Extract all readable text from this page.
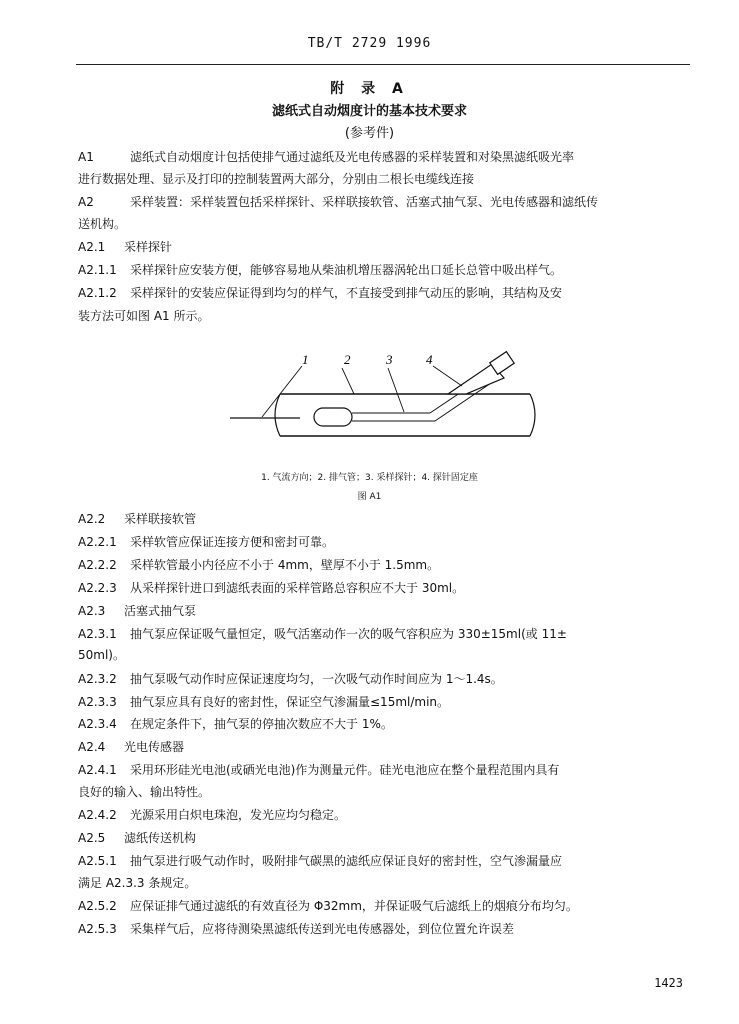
TB/T 2729 1996
附 录 A
滤纸式自动烟度计的基本技术要求
(参考件)
A1	滤纸式自动烟度计包括使排气通过滤纸及光电传感器的采样装置和对染黑滤纸吸光率
进行数据处理、显示及打印的控制装置两大部分，分别由二根长电缆线连接
A2	采样装置：采样装置包括采样探针、采样联接软管、活塞式抽气泵、光电传感器和滤纸传
送机构。
A2.1 采样探针
A2.1.1 采样探针应安装方便，能够容易地从柴油机增压器涡轮出口延长总管中吸出样气。
A2.1.2 采样探针的安装应保证得到均匀的样气，不直接受到排气动压的影响，其结构及安
装方法可如图 A1 所示。
1	2	3	4
1. 气流方向；2. 排气管；3. 采样探针；4. 探针固定座
图 A1
A2.2 采样联接软管
A2.2.1 采样软管应保证连接方便和密封可靠。
A2.2.2 采样软管最小内径应不小于 4mm，壁厚不小于 1.5mm。
A2.2.3 从采样探针进口到滤纸表面的采样管路总容积应不大于 30ml。
A2.3 活塞式抽气泵
A2.3.1 抽气泵应保证吸气量恒定，吸气活塞动作一次的吸气容积应为 330±15ml(或 11±
50ml)。
A2.3.2 抽气泵吸气动作时应保证速度均匀，一次吸气动作时间应为 1～1.4s。
A2.3.3 抽气泵应具有良好的密封性，保证空气渗漏量≤15ml/min。
A2.3.4 在规定条件下，抽气泵的停抽次数应不大于 1%。
A2.4 光电传感器
A2.4.1 采用环形硅光电池(或硒光电池)作为测量元件。硅光电池应在整个量程范围内具有
良好的输入、输出特性。
A2.4.2 光源采用白炽电珠泡，发光应均匀稳定。
A2.5 滤纸传送机构
A2.5.1 抽气泵进行吸气动作时，吸附排气碳黑的滤纸应保证良好的密封性，空气渗漏量应
满足 A2.3.3 条规定。
A2.5.2 应保证排气通过滤纸的有效直径为 Φ32mm，并保证吸气后滤纸上的烟痕分布均匀。
A2.5.3 采集样气后，应将待测染黑滤纸传送到光电传感器处，到位位置允许误差
1423
